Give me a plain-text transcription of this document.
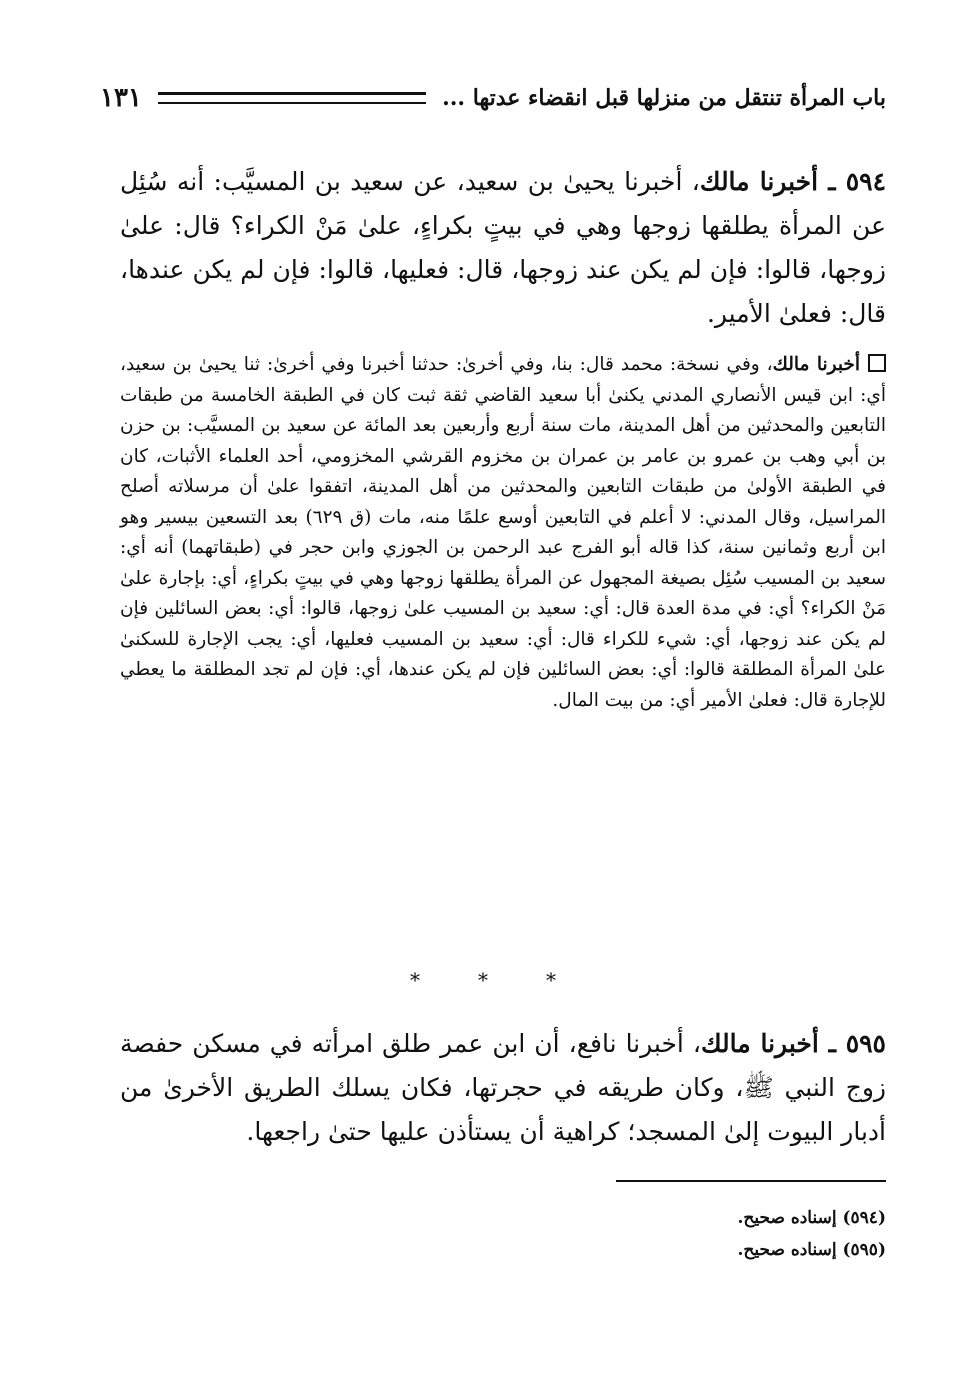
باب المرأة تنتقل من منزلها قبل انقضاء عدتها ...
١٣١
٥٩٤ ـ أخبرنا مالك، أخبرنا يحيىٰ بن سعيد، عن سعيد بن المسيَّب: أنه سُئِل عن المرأة يطلقها زوجها وهي في بيتٍ بكراءٍ، علىٰ مَنْ الكراء؟ قال: علىٰ زوجها، قالوا: فإن لم يكن عند زوجها، قال: فعليها، قالوا: فإن لم يكن عندها، قال: فعلىٰ الأمير.
أخبرنا مالك، وفي نسخة: محمد قال: بنا، وفي أخرىٰ: حدثنا أخبرنا وفي أخرىٰ: ثنا يحيىٰ بن سعيد، أي: ابن قيس الأنصاري المدني يكنىٰ أبا سعيد القاضي ثقة ثبت كان في الطبقة الخامسة من طبقات التابعين والمحدثين من أهل المدينة، مات سنة أربع وأربعين بعد المائة عن سعيد بن المسيَّب: بن حزن بن أبي وهب بن عمرو بن عامر بن عمران بن مخزوم القرشي المخزومي، أحد العلماء الأثبات، كان في الطبقة الأولىٰ من طبقات التابعين والمحدثين من أهل المدينة، اتفقوا علىٰ أن مرسلاته أصلح المراسيل، وقال المدني: لا أعلم في التابعين أوسع علمًا منه، مات (ق ٦٢٩) بعد التسعين بيسير وهو ابن أربع وثمانين سنة، كذا قاله أبو الفرج عبد الرحمن بن الجوزي وابن حجر في (طبقاتهما) أنه أي: سعيد بن المسيب سُئِل بصيغة المجهول عن المرأة يطلقها زوجها وهي في بيتٍ بكراءٍ، أي: بإجارة علىٰ مَنْ الكراء؟ أي: في مدة العدة قال: أي: سعيد بن المسيب علىٰ زوجها، قالوا: أي: بعض السائلين فإن لم يكن عند زوجها، أي: شيء للكراء قال: أي: سعيد بن المسيب فعليها، أي: يجب الإجارة للسكنىٰ علىٰ المرأة المطلقة قالوا: أي: بعض السائلين فإن لم يكن عندها، أي: فإن لم تجد المطلقة ما يعطي للإجارة قال: فعلىٰ الأمير أي: من بيت المال.
*	*	*
٥٩٥ ـ أخبرنا مالك، أخبرنا نافع، أن ابن عمر طلق امرأته في مسكن حفصة زوج النبي ﷺ، وكان طريقه في حجرتها، فكان يسلك الطريق الأخرىٰ من أدبار البيوت إلىٰ المسجد؛ كراهية أن يستأذن عليها حتىٰ راجعها.
(٥٩٤) إسناده صحيح.
(٥٩٥) إسناده صحيح.
